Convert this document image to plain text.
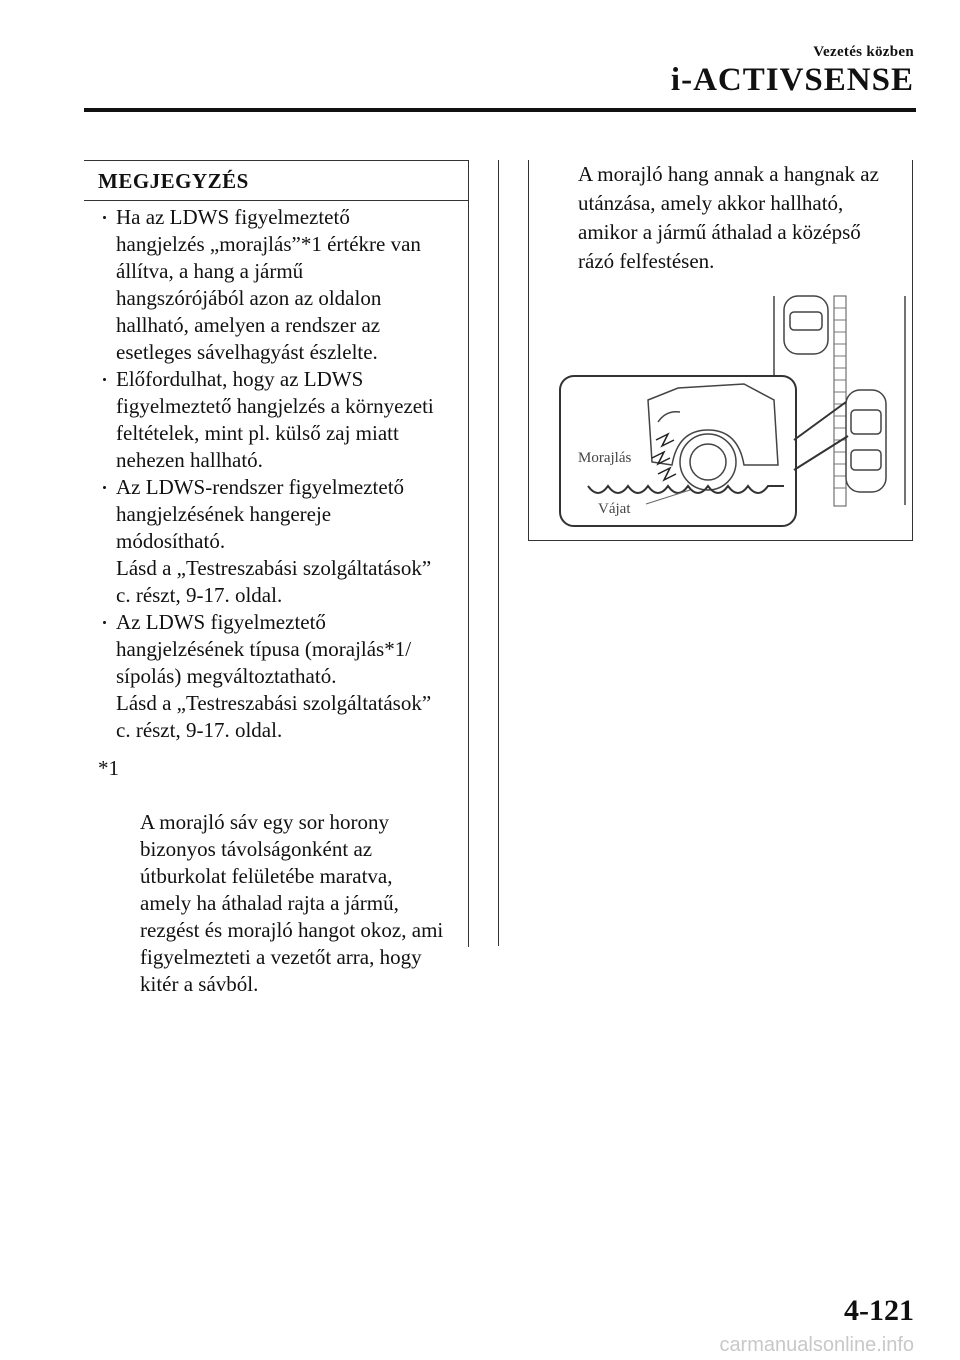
Vezetés közben
i-ACTIVSENSE
MEGJEGYZÉS

Ha az LDWS figyelmeztető
hangjelzés „morajlás”*1 értékre van
állítva, a hang a jármű
hangszórójából azon az oldalon
hallható, amelyen a rendszer az
esetleges sávelhagyást észlelte.

Előfordulhat, hogy az LDWS
figyelmeztető hangjelzés a környezeti
feltételek, mint pl. külső zaj miatt
nehezen hallható.

Az LDWS-rendszer figyelmeztető
hangjelzésének hangereje
módosítható.
Lásd a „Testreszabási szolgáltatások”
c. részt, 9-17. oldal.

Az LDWS figyelmeztető
hangjelzésének típusa (morajlás*1/
sípolás) megváltoztatható.
Lásd a „Testreszabási szolgáltatások”
c. részt, 9-17. oldal.

*1

A morajló sáv egy sor horony
bizonyos távolságonként az
útburkolat felületébe maratva,
amely ha áthalad rajta a jármű,
rezgést és morajló hangot okoz, ami
figyelmezteti a vezetőt arra, hogy
kitér a sávból.

A morajló hang annak a hangnak az
utánzása, amely akkor hallható,
amikor a jármű áthalad a középső
rázó felfestésen.
Morajlás
Vájat
4-121
carmanualsonline.info
